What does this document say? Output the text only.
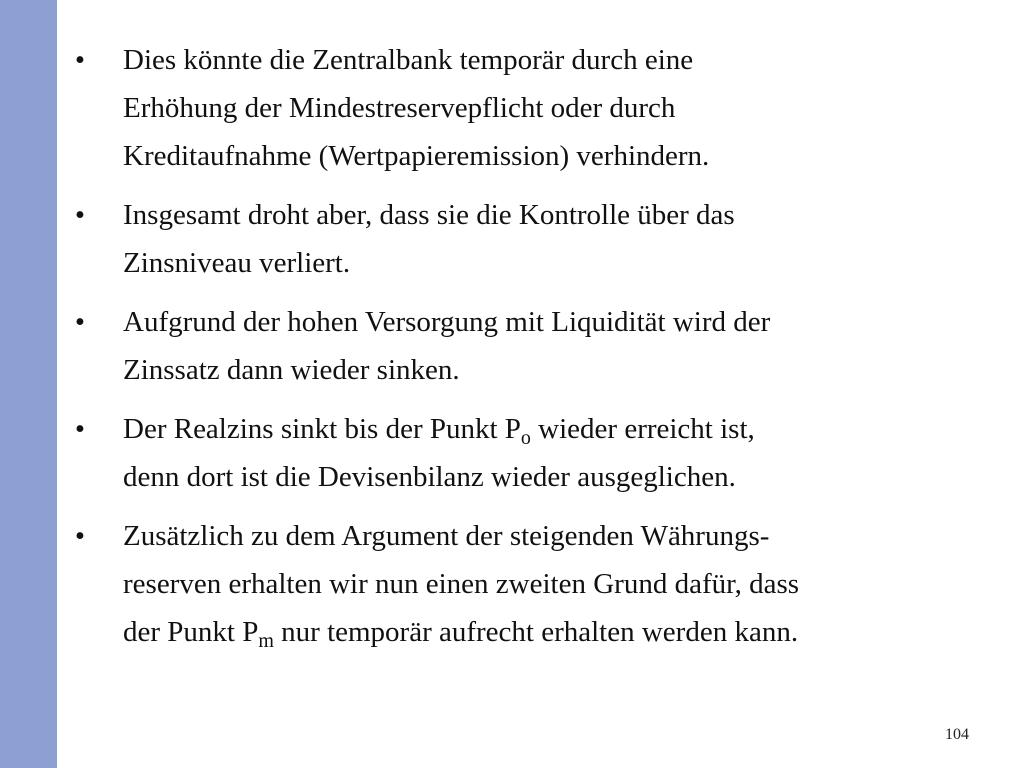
• Dies könnte die Zentralbank temporär durch eine
Erhöhung der Mindestreservepflicht oder durch
Kreditaufnahme (Wertpapieremission) verhindern.
• Insgesamt droht aber, dass sie die Kontrolle über das
Zinsniveau verliert.
• Aufgrund der hohen Versorgung mit Liquidität wird der
Zinssatz dann wieder sinken.
• Der Realzins sinkt bis der Punkt $P_o$ wieder erreicht ist,
denn dort ist die Devisenbilanz wieder ausgeglichen.
• Zusätzlich zu dem Argument der steigenden Währungs-
reserven erhalten wir nun einen zweiten Grund dafür, dass
der Punkt $P_m$ nur temporär aufrecht erhalten werden kann.
104
